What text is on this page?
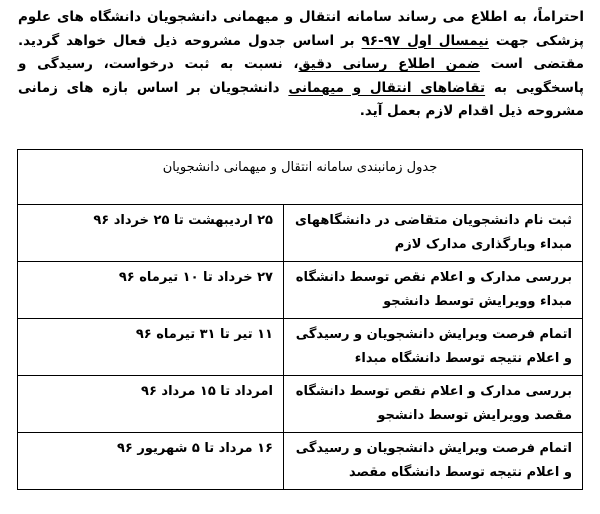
احتراماً، به اطلاع می رساند سامانه انتقال و میهمانی دانشجویان دانشگاه های علوم پزشکی جهت نیمسال اول ۹۷-۹۶ بر اساس جدول مشروحه ذیل فعال خواهد گردید. مقتضی است ضمن اطلاع رسانی دقیق، نسبت به ثبت درخواست، رسیدگی و پاسخگویی به تقاضاهای انتقال و میهمانی دانشجویان بر اساس بازه های زمانی مشروحه ذیل اقدام لازم بعمل آید.

جدول زمانبندی سامانه انتقال و میهمانی دانشجویان	
ثبت نام دانشجویان متقاضی در دانشگاههای مبداء وبارگذاری مدارک لازم	۲۵ اردیبهشت تا ۲۵ خرداد ۹۶
بررسی مدارک و اعلام نقص توسط دانشگاه مبداء وویرایش توسط دانشجو	۲۷ خرداد تا ۱۰ تیرماه ۹۶
اتمام فرصت ویرایش دانشجویان و رسیدگی و اعلام نتیجه توسط دانشگاه مبداء	۱۱ تیر تا ۳۱ تیرماه ۹۶
بررسی مدارک و اعلام نقص توسط دانشگاه مقصد وویرایش توسط دانشجو	امرداد تا ۱۵ مرداد ۹۶
اتمام فرصت ویرایش دانشجویان و رسیدگی و اعلام نتیجه توسط دانشگاه مقصد	۱۶ مرداد تا ۵ شهریور ۹۶
